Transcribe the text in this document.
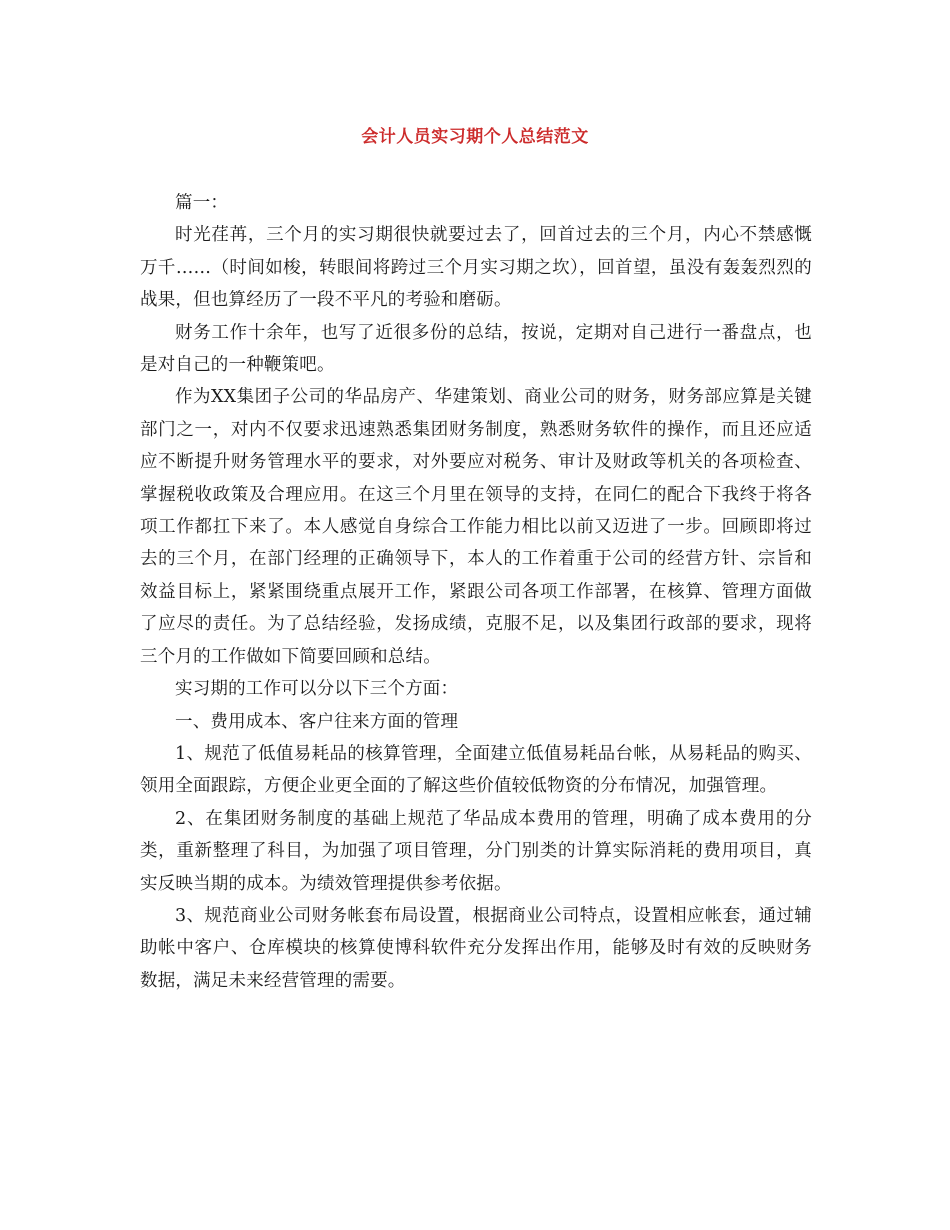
会计人员实习期个人总结范文

篇一：

时光荏苒，三个月的实习期很快就要过去了，回首过去的三个月，内心不禁感慨万千……（时间如梭，转眼间将跨过三个月实习期之坎），回首望，虽没有轰轰烈烈的战果，但也算经历了一段不平凡的考验和磨砺。

财务工作十余年，也写了近很多份的总结，按说，定期对自己进行一番盘点，也是对自己的一种鞭策吧。

作为XX集团子公司的华品房产、华建策划、商业公司的财务，财务部应算是关键部门之一，对内不仅要求迅速熟悉集团财务制度，熟悉财务软件的操作，而且还应适应不断提升财务管理水平的要求，对外要应对税务、审计及财政等机关的各项检查、掌握税收政策及合理应用。在这三个月里在领导的支持，在同仁的配合下我终于将各项工作都扛下来了。本人感觉自身综合工作能力相比以前又迈进了一步。回顾即将过去的三个月，在部门经理的正确领导下，本人的工作着重于公司的经营方针、宗旨和效益目标上，紧紧围绕重点展开工作，紧跟公司各项工作部署，在核算、管理方面做了应尽的责任。为了总结经验，发扬成绩，克服不足，以及集团行政部的要求，现将三个月的工作做如下简要回顾和总结。

实习期的工作可以分以下三个方面：

一、费用成本、客户往来方面的管理

1、规范了低值易耗品的核算管理，全面建立低值易耗品台帐，从易耗品的购买、领用全面跟踪，方便企业更全面的了解这些价值较低物资的分布情况，加强管理。

2、在集团财务制度的基础上规范了华品成本费用的管理，明确了成本费用的分类，重新整理了科目，为加强了项目管理，分门别类的计算实际消耗的费用项目，真实反映当期的成本。为绩效管理提供参考依据。

3、规范商业公司财务帐套布局设置，根据商业公司特点，设置相应帐套，通过辅助帐中客户、仓库模块的核算使博科软件充分发挥出作用，能够及时有效的反映财务数据，满足未来经营管理的需要。
